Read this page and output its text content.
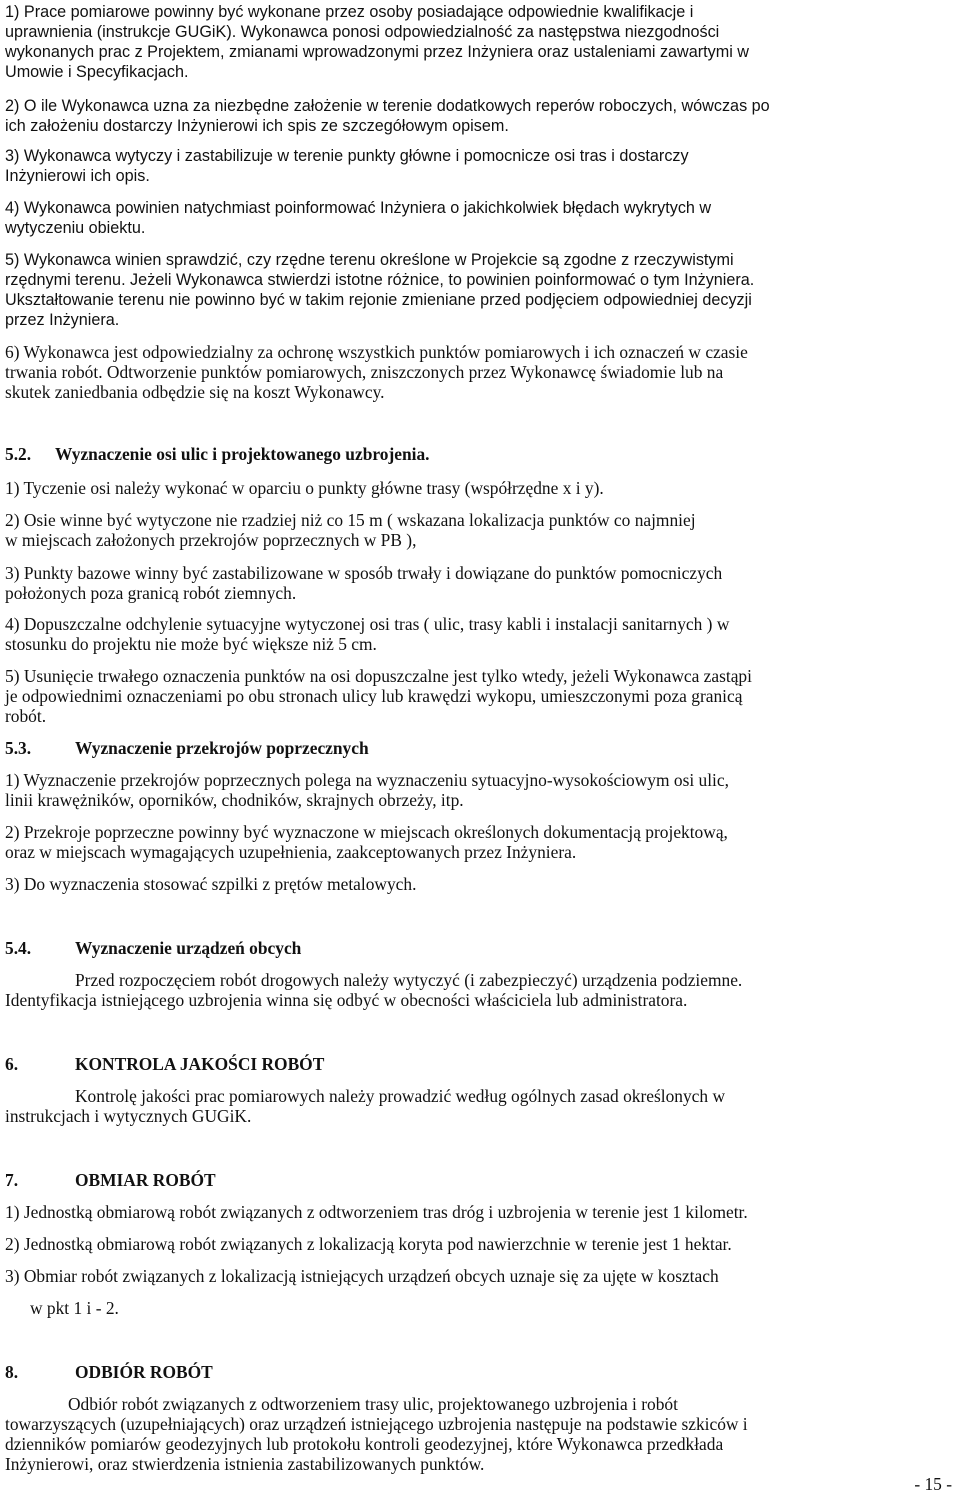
1) Prace pomiarowe powinny być wykonane przez osoby posiadające odpowiednie kwalifikacje i

uprawnienia (instrukcje GUGiK). Wykonawca ponosi odpowiedzialność za następstwa niezgodności

wykonanych prac z Projektem, zmianami wprowadzonymi przez Inżyniera oraz ustaleniami zawartymi w

Umowie i Specyfikacjach.

2) O ile Wykonawca uzna za niezbędne założenie w terenie dodatkowych reperów roboczych, wówczas po

ich założeniu dostarczy Inżynierowi ich spis ze szczegółowym opisem.

3) Wykonawca wytyczy i zastabilizuje w terenie punkty główne i pomocnicze osi tras i dostarczy

Inżynierowi ich opis.

4) Wykonawca powinien natychmiast poinformować Inżyniera o jakichkolwiek błędach wykrytych w

wytyczeniu obiektu.

5) Wykonawca winien sprawdzić, czy rzędne terenu określone w Projekcie są zgodne z rzeczywistymi

rzędnymi terenu. Jeżeli Wykonawca stwierdzi istotne różnice, to powinien poinformować o tym Inżyniera.

Ukształtowanie terenu nie powinno być w takim rejonie zmieniane przed podjęciem odpowiedniej decyzji

przez Inżyniera.

6) Wykonawca jest odpowiedzialny za ochronę wszystkich punktów pomiarowych i ich oznaczeń w czasie

trwania robót. Odtworzenie punktów pomiarowych, zniszczonych przez Wykonawcę świadomie lub na

skutek zaniedbania odbędzie się na koszt Wykonawcy.

5.2. Wyznaczenie osi ulic i projektowanego uzbrojenia.

1) Tyczenie osi należy wykonać w oparciu o punkty główne trasy (współrzędne x i y).

2) Osie winne być wytyczone nie rzadziej niż co 15 m ( wskazana lokalizacja punktów co najmniej

w miejscach założonych przekrojów poprzecznych w PB ),

3) Punkty bazowe winny być zastabilizowane w sposób trwały i dowiązane do punktów pomocniczych

położonych poza granicą robót ziemnych.

4) Dopuszczalne odchylenie sytuacyjne wytyczonej osi tras ( ulic, trasy kabli i instalacji sanitarnych ) w

stosunku do projektu nie może być większe niż 5 cm.

5) Usunięcie trwałego oznaczenia punktów na osi dopuszczalne jest tylko wtedy, jeżeli Wykonawca zastąpi

je odpowiednimi oznaczeniami po obu stronach ulicy lub krawędzi wykopu, umieszczonymi poza granicą

robót.

5.3.	Wyznaczenie przekrojów poprzecznych

1) Wyznaczenie przekrojów poprzecznych polega na wyznaczeniu sytuacyjno-wysokościowym osi ulic,

linii krawężników, oporników, chodników, skrajnych obrzeży, itp.

2) Przekroje poprzeczne powinny być wyznaczone w miejscach określonych dokumentacją projektową,

oraz w miejscach wymagających uzupełnienia, zaakceptowanych przez Inżyniera.

3) Do wyznaczenia stosować szpilki z prętów metalowych.

5.4.	Wyznaczenie urządzeń obcych

Przed rozpoczęciem robót drogowych należy wytyczyć (i zabezpieczyć) urządzenia podziemne.

Identyfikacja istniejącego uzbrojenia winna się odbyć w obecności właściciela lub administratora.

6.	KONTROLA JAKOŚCI ROBÓT

Kontrolę jakości prac pomiarowych należy prowadzić według ogólnych zasad określonych w

instrukcjach i wytycznych GUGiK.

7.	OBMIAR ROBÓT

1) Jednostką obmiarową robót związanych z odtworzeniem tras dróg i uzbrojenia w terenie jest 1 kilometr.

2) Jednostką obmiarową robót związanych z lokalizacją koryta pod nawierzchnie w terenie jest 1 hektar.

3) Obmiar robót związanych z lokalizacją istniejących urządzeń obcych uznaje się za ujęte w kosztach

w pkt 1 i - 2.

8.	ODBIÓR ROBÓT

Odbiór robót związanych z odtworzeniem trasy ulic, projektowanego uzbrojenia i robót

towarzyszących (uzupełniających) oraz urządzeń istniejącego uzbrojenia następuje na podstawie szkiców i

dzienników pomiarów geodezyjnych lub protokołu kontroli geodezyjnej, które Wykonawca przedkłada

Inżynierowi, oraz stwierdzenia istnienia zastabilizowanych punktów.

- 15 -
